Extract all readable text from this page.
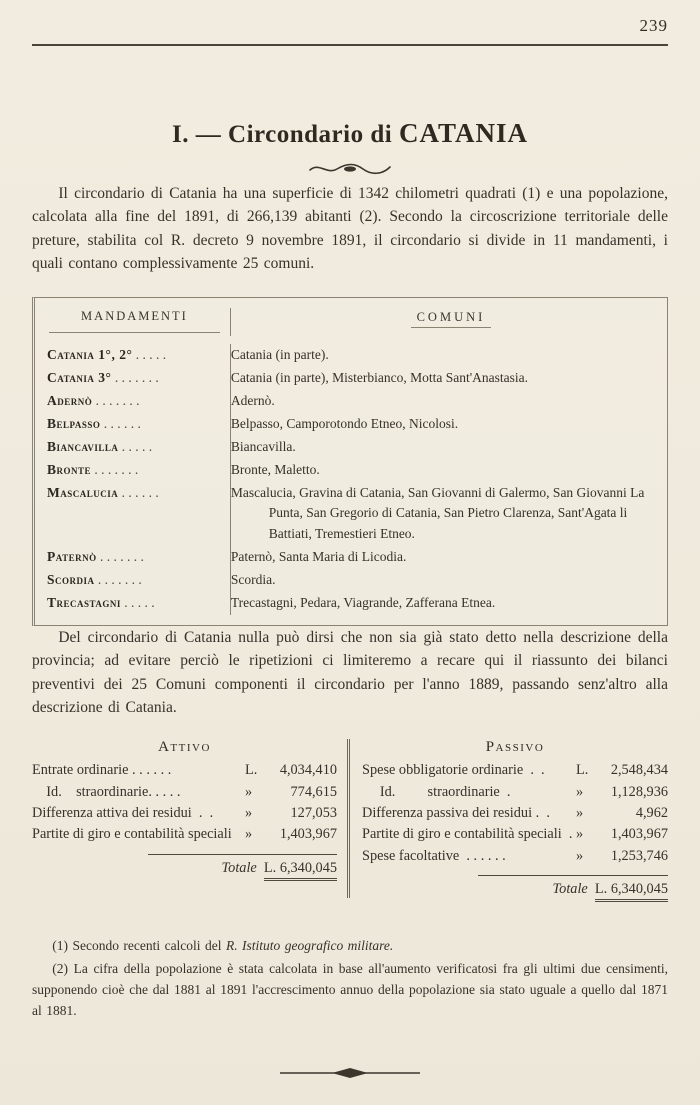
239
I. — Circondario di CATANIA

Il circondario di Catania ha una superficie di 1342 chilometri quadrati (1) e una popolazione, calcolata alla fine del 1891, di 266,139 abitanti (2). Secondo la circoscrizione territoriale delle preture, stabilita col R. decreto 9 novembre 1891, il circondario si divide in 11 mandamenti, i quali contano complessivamente 25 comuni.

MANDAMENTI	COMUNI
Catania 1°, 2° . . . . .	Catania (in parte).
Catania 3° . . . . . . .	Catania (in parte), Misterbianco, Motta Sant'Anastasia.
Adernò . . . . . . .	Adernò.
Belpasso . . . . . .	Belpasso, Camporotondo Etneo, Nicolosi.
Biancavilla . . . . .	Biancavilla.
Bronte . . . . . . .	Bronte, Maletto.
Mascalucia . . . . . .	Mascalucia, Gravina di Catania, San Giovanni di Galermo, San Giovanni La Punta, San Gregorio di Catania, San Pietro Clarenza, Sant'Agata li Battiati, Tremestieri Etneo.
Paternò . . . . . . .	Paternò, Santa Maria di Licodia.
Scordia . . . . . . .	Scordia.
Trecastagni . . . . .	Trecastagni, Pedara, Viagrande, Zafferana Etnea.

Del circondario di Catania nulla può dirsi che non sia già stato detto nella descrizione della provincia; ad evitare perciò le ripetizioni ci limiteremo a recare qui il riassunto dei bilanci preventivi dei 25 Comuni componenti il circondario per l'anno 1889, passando senz'altro alla descrizione di Catania.

Attivo
Entrate ordinarie . . . . . .	L.	4,034,410
Id.    straordinarie. . . . .	»	774,615
Differenza attiva dei residui  .  .	»	127,053
Partite di giro e contabilità speciali »	1,403,967
Totale L. 6,340,045
Passivo
Spese obbligatorie ordinarie  .  .	L.	2,548,434
Id.         straordinarie  .	»	1,128,936
Differenza passiva dei residui .  .	»	4,962
Partite di giro e contabilità speciali  . »	1,403,967
Spese facoltative  . . . . . .	»	1,253,746
Totale L. 6,340,045

(1) Secondo recenti calcoli del R. Istituto geografico militare.

(2) La cifra della popolazione è stata calcolata in base all'aumento verificatosi fra gli ultimi due censimenti, supponendo cioè che dal 1881 al 1891 l'accrescimento annuo della popolazione sia stato uguale a quello dal 1871 al 1881.
